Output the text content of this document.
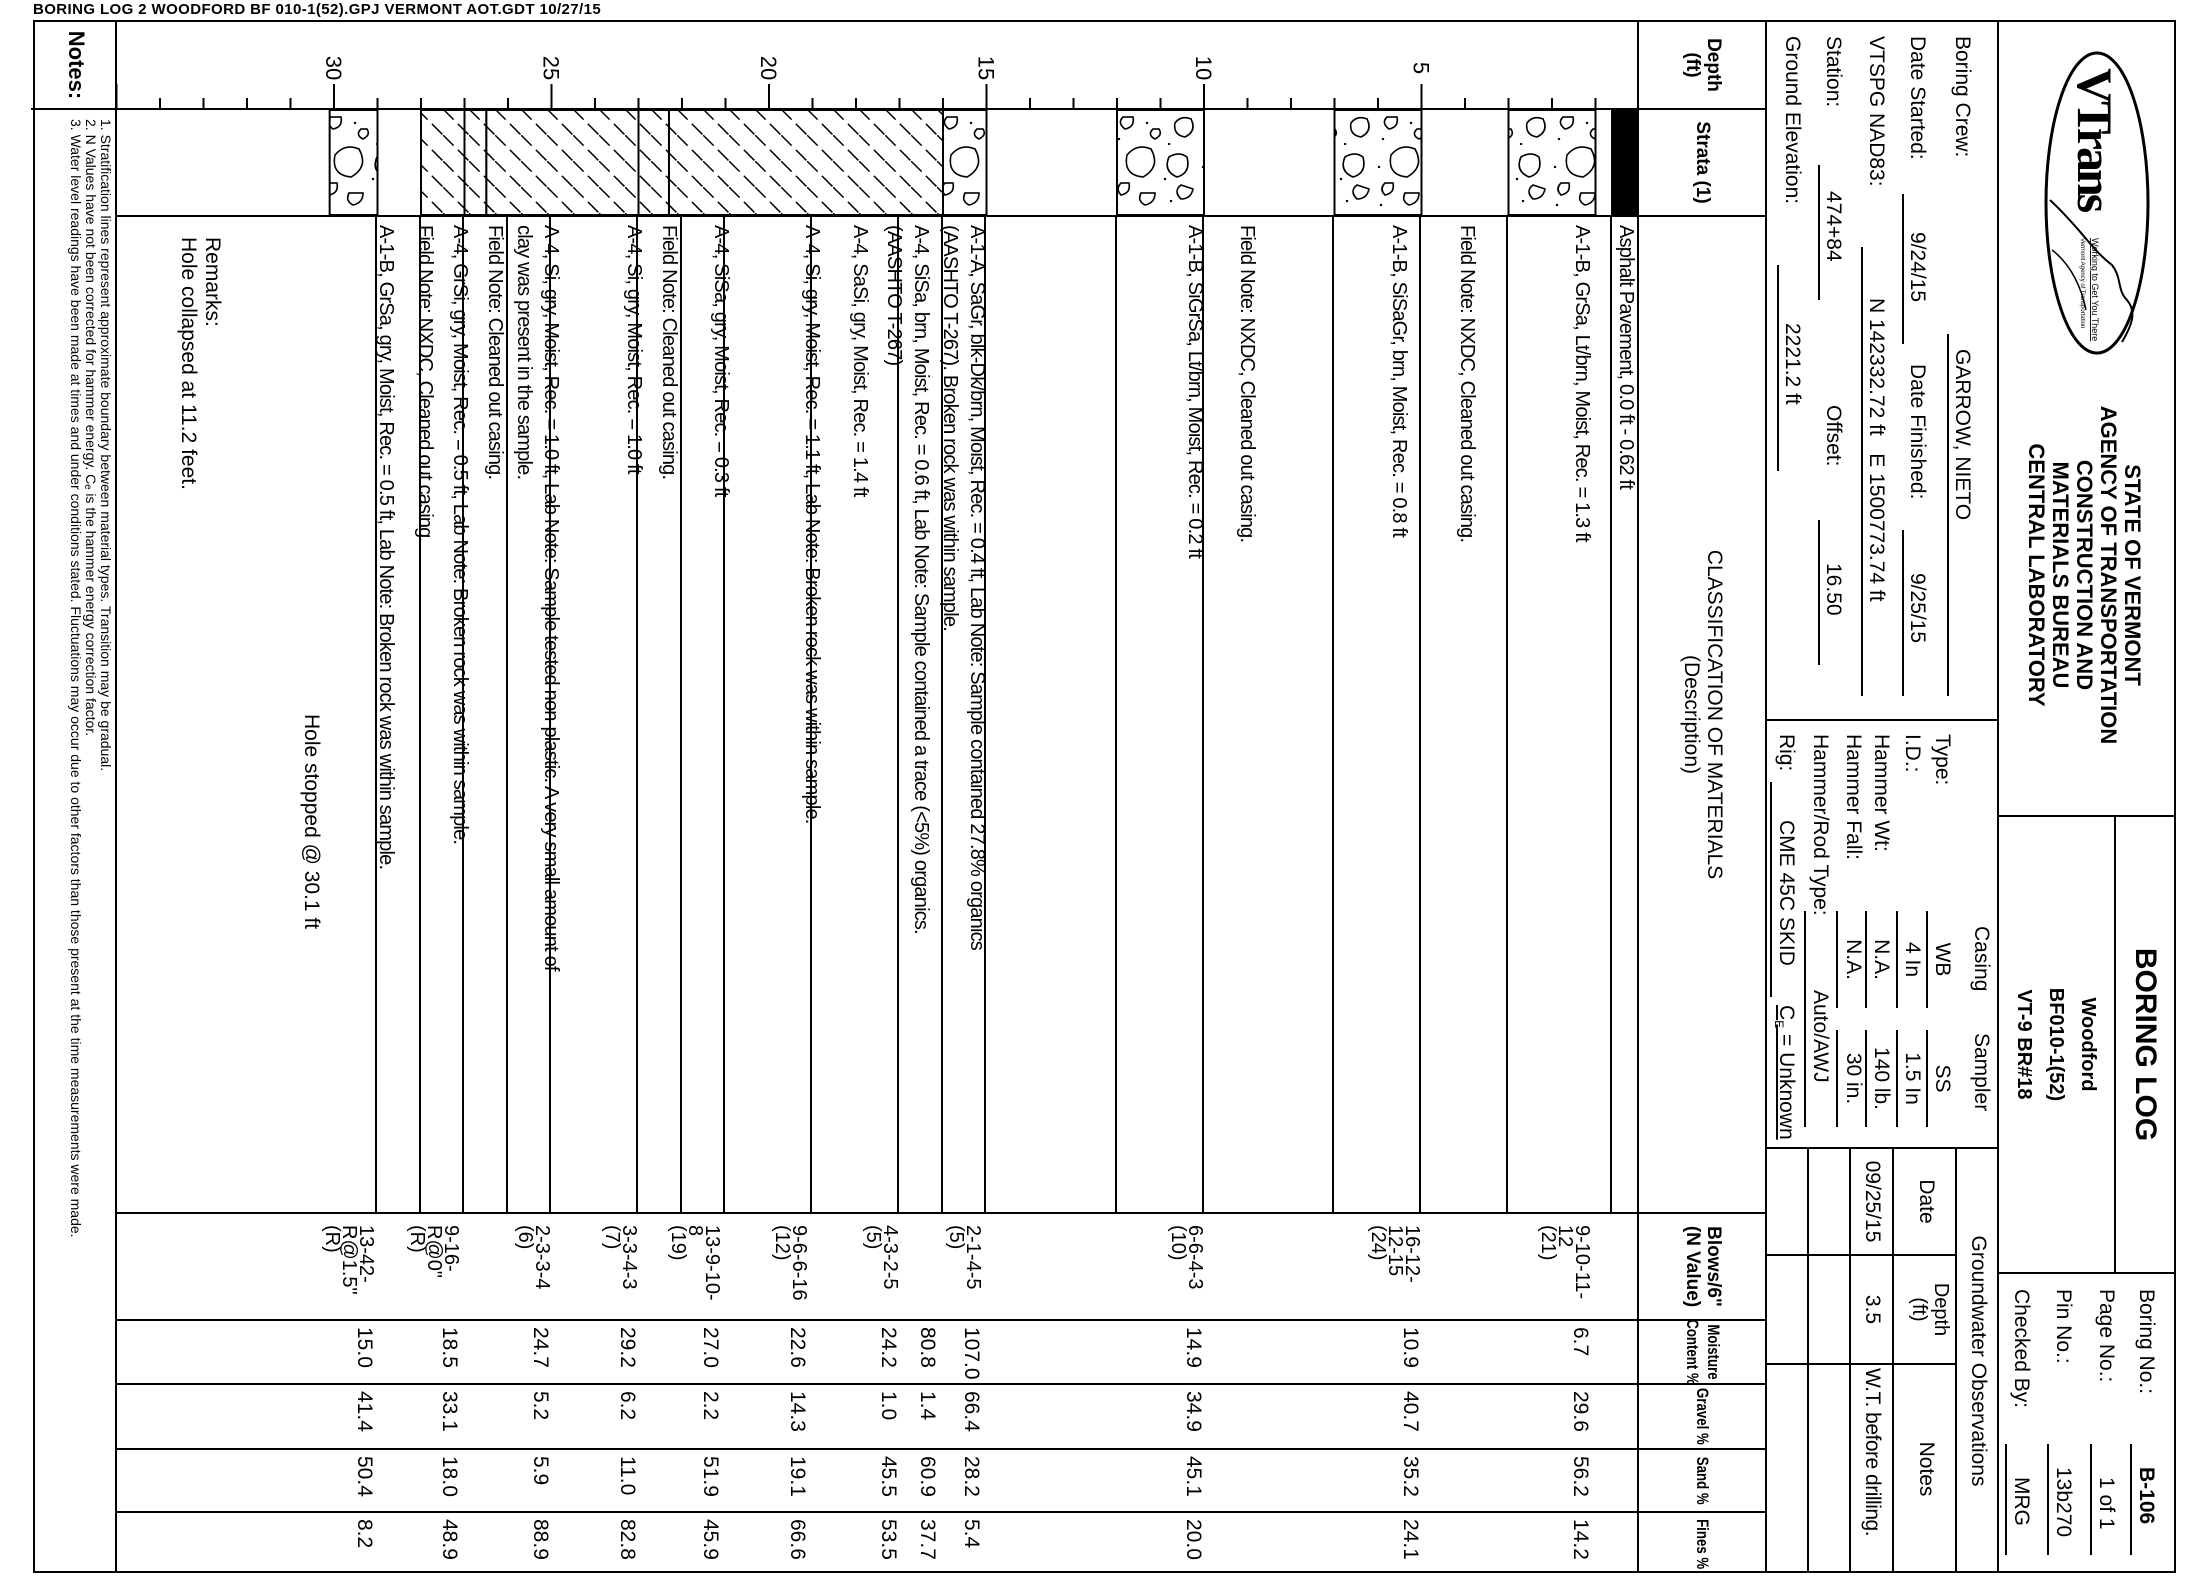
BORING LOG 2 WOODFORD BF 010-1(52).GPJ VERMONT AOT.GDT 10/27/15
VTrans
Working to Get You There
Vermont Agency of Transportation
STATE OF VERMONT
AGENCY OF TRANSPORTATION
CONSTRUCTION AND
MATERIALS BUREAU
CENTRAL LABORATORY
BORING LOG
Woodford
BF010-1(52)
VT-9 BR#18
Boring No.:
B-106
Page No.:
1 of 1
Pin No.:
13b270
Checked By:
MRG
Boring Crew:
GARROW, NIETO
Date Started:
9/24/15
Date Finished:
9/25/15
VTSPG NAD83:
N 142332.72 ft   E 1500773.74 ft
Station:
474+84
Offset:
16.50
Ground Elevation:
2221.2 ft
Casing
Sampler
Type:
WB
SS
I.D.:
4 In
1.5 In
Hammer Wt:
N.A.
140 lb.
Hammer Fall:
N.A.
30 in.
Hammer/Rod Type:
Auto/AWJ
Rig:
CME 45C SKID
$C_E$ = Unknown
Groundwater Observations
Date
Depth
(ft)
Notes
09/25/15
3.5
W.T. before drilling.
Depth
(ft)
Strata (1)
CLASSIFICATION OF MATERIALS
(Description)
Blows/6"
(N Value)
Moisture
Content %
Gravel %
Sand %
Fines %
5
10
15
20
25
30
Asphalt Pavement, 0.0 ft - 0.62 ft
A-1-B, GrSa, Lt/brn, Moist, Rec. = 1.3 ft
Field Note: NXDC, Cleaned out casing.
A-1-B, SiSaGr, brn, Moist, Rec. = 0.8 ft
Field Note: NXDC, Cleaned out casing.
A-1-B, SiGrSa, Lt/brn, Moist, Rec. = 0.2 ft
A-1-A, SaGr, blk-Dk/brn, Moist, Rec. = 0.4 ft, Lab Note: Sample contained 27.8% organics
(AASHTO T-267). Broken rock was within sample.
A-4, SiSa, brn, Moist, Rec. = 0.6 ft, Lab Note: Sample contained a trace (<5%) organics.
(AASHTO T-267)
A-4, SaSi, gry, Moist, Rec. = 1.4 ft
A-4, Si, gry, Moist, Rec. = 1.1 ft, Lab Note: Broken rock was within sample.
A-4, SiSa, gry, Moist, Rec. = 0.3 ft
Field Note: Cleaned out casing.
A-4, Si, gry, Moist, Rec. = 1.0 ft
A-4, Si, gry, Moist, Rec. = 1.0 ft, Lab Note: Sample tested non-plastic. A very small amount of
clay was present in the sample.
Field Note: Cleaned out casing.
A-4, GrSi, gry, Moist, Rec. = 0.5 ft, Lab Note: Broken rock was within sample.
Field Note: NXDC, Cleaned out casing.
A-1-B, GrSa, gry, Moist, Rec. = 0.5 ft, Lab Note: Broken rock was within sample.
9-10-11-
12
(21)
6.7
29.6
56.2
14.2
16-12-
12-15
(24)
10.9
40.7
35.2
24.1
6-6-4-3
(10)
14.9
34.9
45.1
20.0
2-1-4-5
(5)
107.0
66.4
28.2
5.4
80.8
1.4
60.9
37.7
4-3-2-5
(5)
24.2
1.0
45.5
53.5
9-6-6-16
(12)
22.6
14.3
19.1
66.6
13-9-10-
8
(19)
27.0
2.2
51.9
45.9
3-3-4-3
(7)
29.2
6.2
11.0
82.8
2-3-3-4
(6)
24.7
5.2
5.9
88.9
9-16-
R@0"
(R)
18.5
33.1
18.0
48.9
13-42-
R@1.5"
(R)
15.0
41.4
50.4
8.2
Hole stopped @ 30.1 ft
Remarks:
Hole collapsed at 11.2 feet.
Notes:
1. Stratification lines represent approximate boundary between material types. Transition may be gradual.
2. N Values have not been corrected for hammer energy. Cₑ is the hammer energy correction factor.
3. Water level readings have been made at times and under conditions stated. Fluctuations may occur due to other factors than those present at the time measurements were made.
